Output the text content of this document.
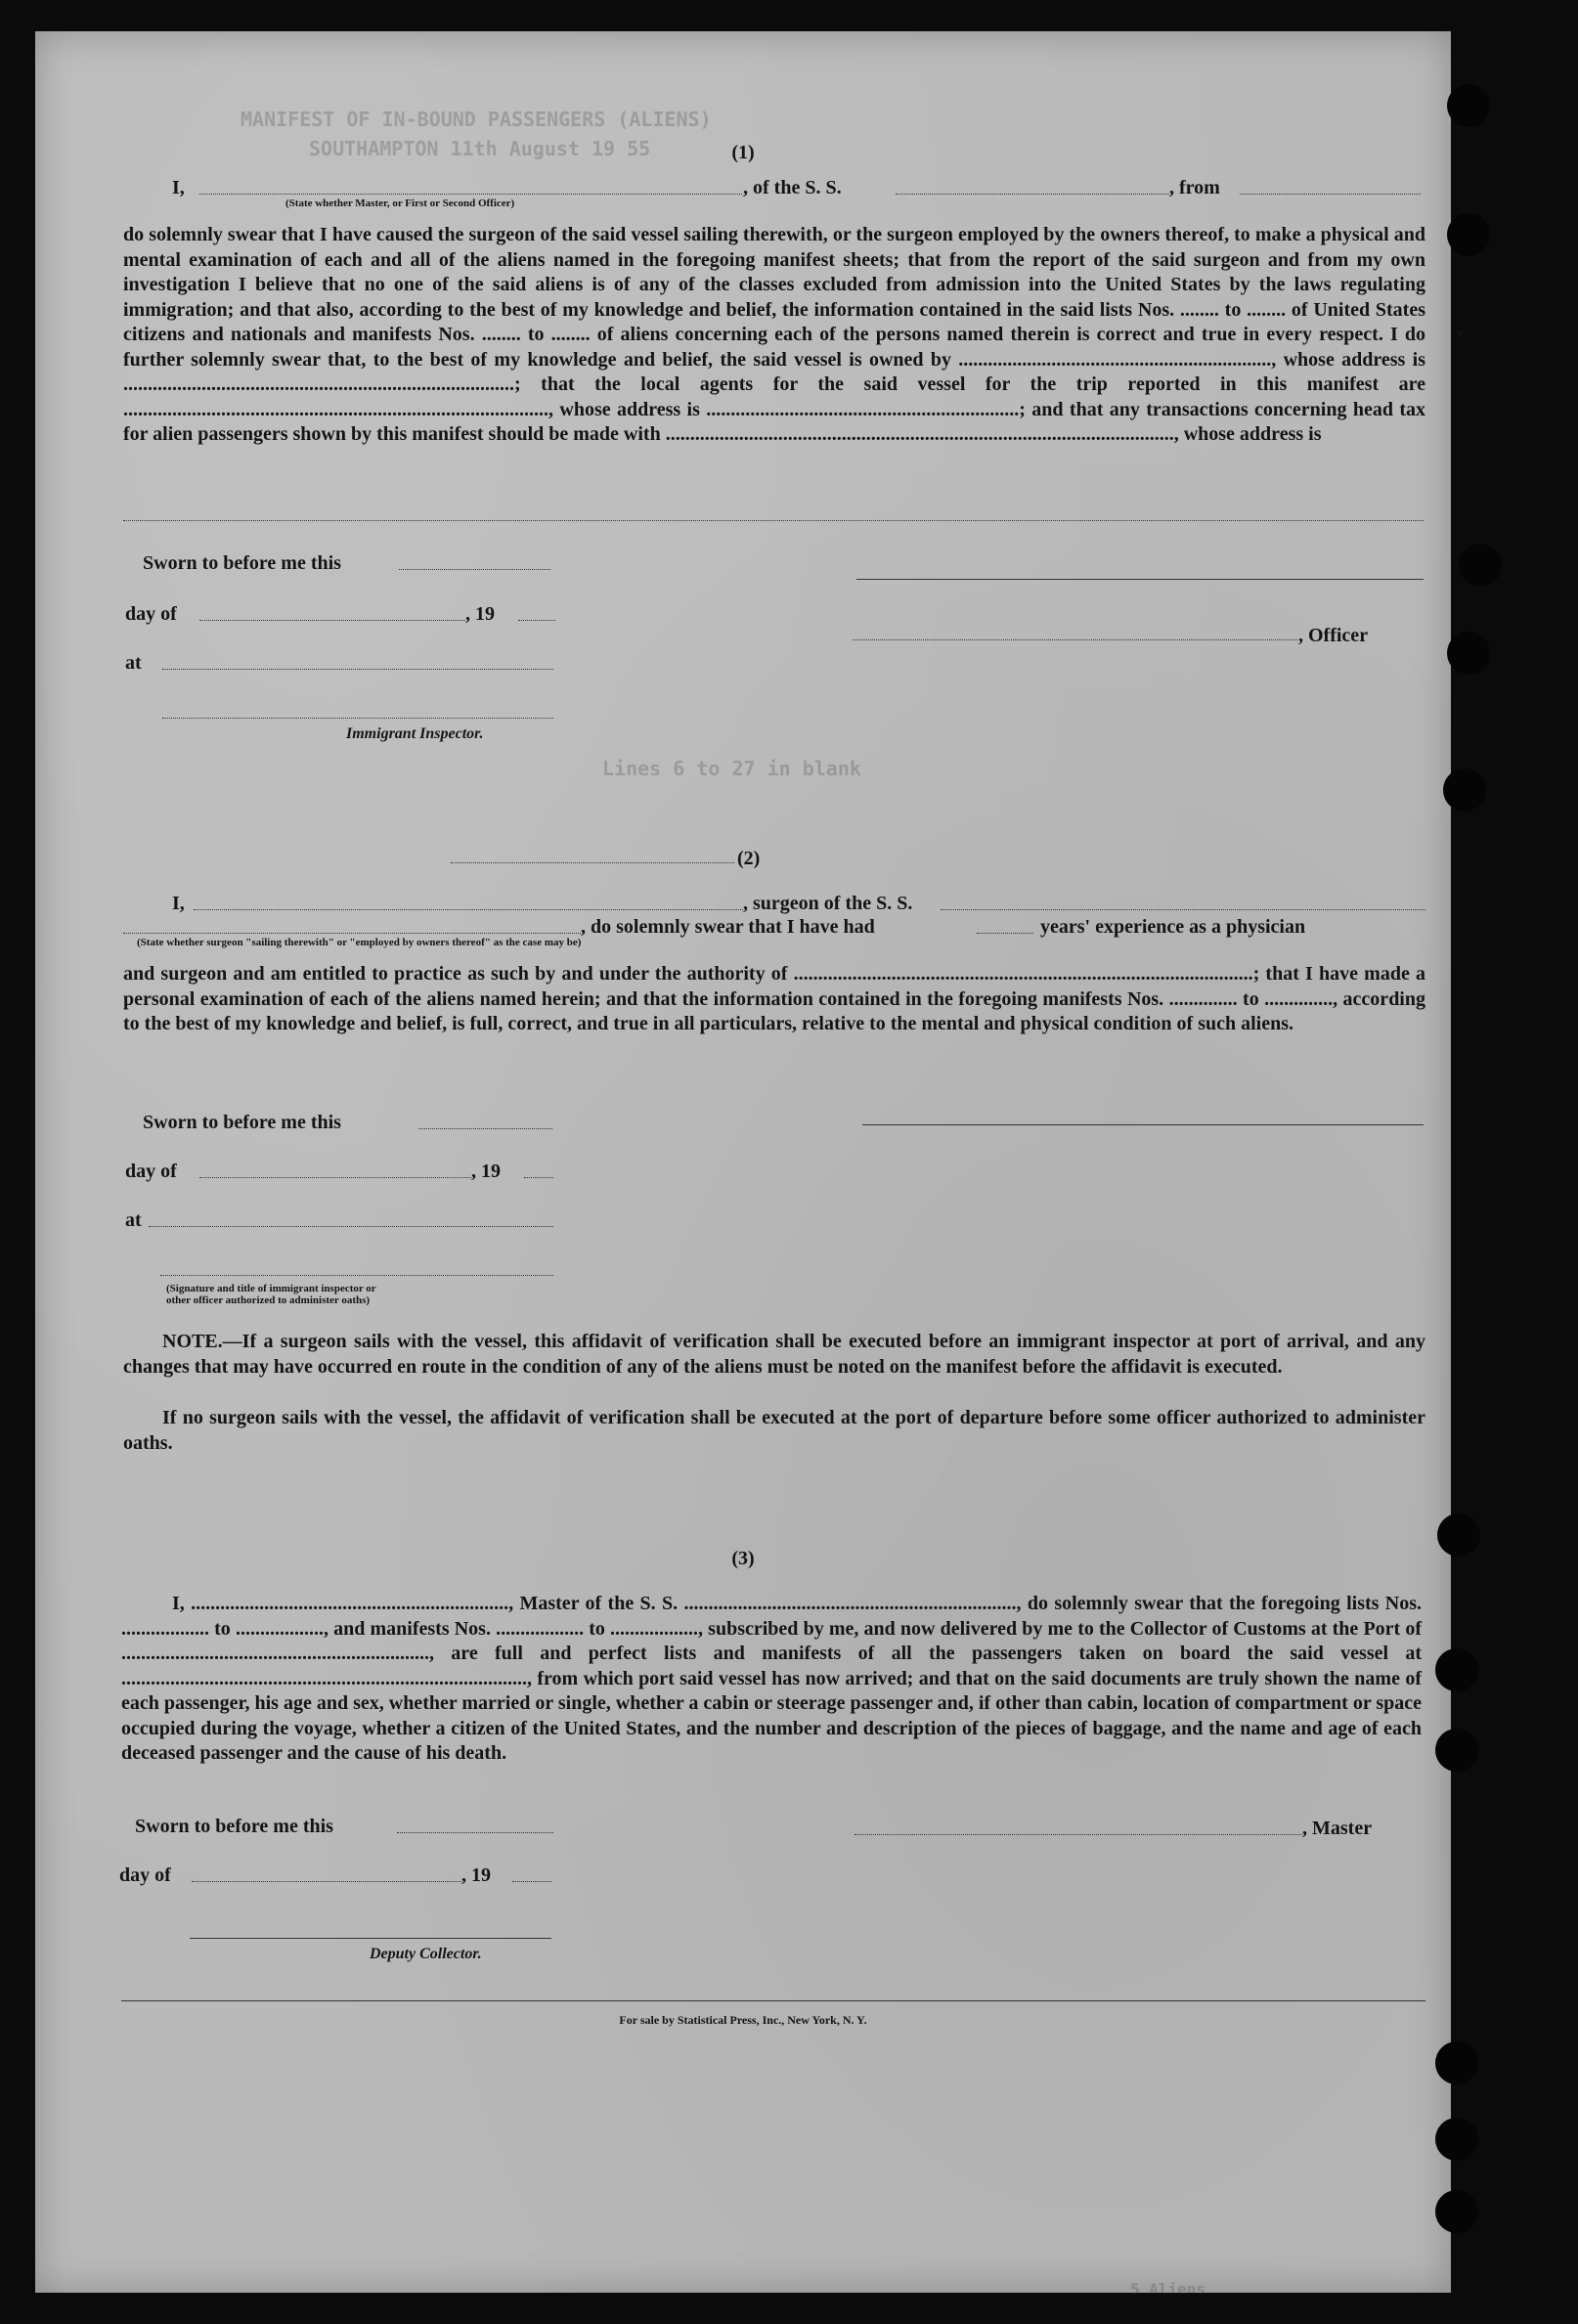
MANIFEST OF IN-BOUND PASSENGERS (ALIENS)
SOUTHAMPTON 11th August 19 55
Lines 6 to 27 in blank
5 Aliens
(1)
I,	, of the S. S.	, from
(State whether Master, or First or Second Officer)
do solemnly swear that I have caused the surgeon of the said vessel sailing therewith, or the surgeon employed by the owners thereof, to make a physical and mental examination of each and all of the aliens named in the foregoing manifest sheets; that from the report of the said surgeon and from my own investigation I believe that no one of the said aliens is of any of the classes excluded from admission into the United States by the laws regulating immigration; and that also, according to the best of my knowledge and belief, the information contained in the said lists Nos. ........ to ........ of United States citizens and nationals and manifests Nos. ........ to ........ of aliens concerning each of the persons named therein is correct and true in every respect. I do further solemnly swear that, to the best of my knowledge and belief, the said vessel is owned by ................................................................, whose address is ................................................................................; that the local agents for the said vessel for the trip reported in this manifest are ......................................................................................., whose address is ................................................................; and that any transactions concerning head tax for alien passengers shown by this manifest should be made with ........................................................................................................, whose address is
Sworn to before me this
day of	, 19
, Officer
at
Immigrant Inspector.
(2)
I,	, surgeon of the S. S.
, do solemnly swear that I have had	years' experience as a physician
(State whether surgeon "sailing therewith" or "employed by owners thereof" as the case may be)
and surgeon and am entitled to practice as such by and under the authority of ..............................................................................................; that I have made a personal examination of each of the aliens named herein; and that the information contained in the foregoing manifests Nos. .............. to .............., according to the best of my knowledge and belief, is full, correct, and true in all particulars, relative to the mental and physical condition of such aliens.
Sworn to before me this
day of	, 19
at
(Signature and title of immigrant inspector or
other officer authorized to administer oaths)
NOTE.—If a surgeon sails with the vessel, this affidavit of verification shall be executed before an immigrant inspector at port of arrival, and any changes that may have occurred en route in the condition of any of the aliens must be noted on the manifest before the affidavit is executed.
If no surgeon sails with the vessel, the affidavit of verification shall be executed at the port of departure before some officer authorized to administer oaths.
(3)
I, ................................................................., Master of the S. S. ...................................................................., do solemnly swear that the foregoing lists Nos. .................. to .................., and manifests Nos. .................. to .................., subscribed by me, and now delivered by me to the Collector of Customs at the Port of ..............................................................., are full and perfect lists and manifests of all the passengers taken on board the said vessel at ..................................................................................., from which port said vessel has now arrived; and that on the said documents are truly shown the name of each passenger, his age and sex, whether married or single, whether a cabin or steerage passenger and, if other than cabin, location of compartment or space occupied during the voyage, whether a citizen of the United States, and the number and description of the pieces of baggage, and the name and age of each deceased passenger and the cause of his death.
Sworn to before me this	, Master
day of	, 19
Deputy Collector.
For sale by Statistical Press, Inc., New York, N. Y.
,
